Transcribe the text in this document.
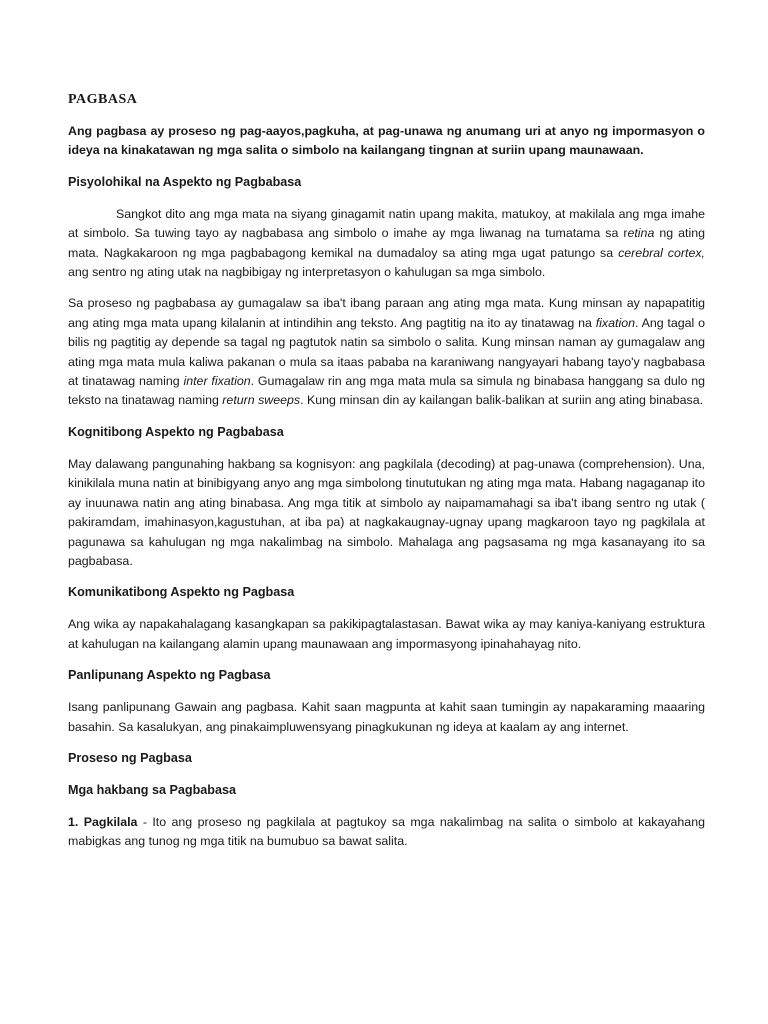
PAGBASA
Ang pagbasa ay proseso ng pag-aayos,pagkuha, at pag-unawa ng anumang uri at anyo ng impormasyon o ideya na kinakatawan ng mga salita o simbolo na kailangang tingnan at suriin upang maunawaan.
Pisyolohikal na Aspekto ng Pagbabasa
Sangkot dito ang mga mata na siyang ginagamit natin upang makita, matukoy, at makilala ang mga imahe at simbolo. Sa tuwing tayo ay nagbabasa ang simbolo o imahe ay mga liwanag na tumatama sa retina ng ating mata. Nagkakaroon ng mga pagbabagong kemikal na dumadaloy sa ating mga ugat patungo sa cerebral cortex, ang sentro ng ating utak na nagbibigay ng interpretasyon o kahulugan sa mga simbolo.
Sa proseso ng pagbabasa ay gumagalaw sa iba't ibang paraan ang ating mga mata. Kung minsan ay napapatitig ang ating mga mata upang kilalanin at intindihin ang teksto. Ang pagtitig na ito ay tinatawag na fixation. Ang tagal o bilis ng pagtitig ay depende sa tagal ng pagtutok natin sa simbolo o salita. Kung minsan naman ay gumagalaw ang ating mga mata mula kaliwa pakanan o mula sa itaas pababa na karaniwang nangyayari habang tayo'y nagbabasa at tinatawag naming inter fixation. Gumagalaw rin ang mga mata mula sa simula ng binabasa hanggang sa dulo ng teksto na tinatawag naming return sweeps. Kung minsan din ay kailangan balik-balikan at suriin ang ating binabasa.
Kognitibong Aspekto ng Pagbabasa
May dalawang pangunahing hakbang sa kognisyon: ang pagkilala (decoding) at pag-unawa (comprehension). Una, kinikilala muna natin at binibigyang anyo ang mga simbolong tinututukan ng ating mga mata. Habang nagaganap ito ay inuunawa natin ang ating binabasa. Ang mga titik at simbolo ay naipamamahagi sa iba't ibang sentro ng utak ( pakiramdam, imahinasyon,kagustuhan, at iba pa) at nagkakaugnay-ugnay upang magkaroon tayo ng pagkilala at pagunawa sa kahulugan ng mga nakalimbag na simbolo. Mahalaga ang pagsasama ng mga kasanayang ito sa pagbabasa.
Komunikatibong Aspekto ng Pagbasa
Ang wika ay napakahalagang kasangkapan sa pakikipagtalastasan. Bawat wika ay may kaniya-kaniyang estruktura at kahulugan na kailangang alamin upang maunawaan ang impormasyong ipinahahayag nito.
Panlipunang Aspekto ng Pagbasa
Isang panlipunang Gawain ang pagbasa. Kahit saan magpunta at kahit saan tumingin ay napakaraming maaaring basahin. Sa kasalukyan, ang pinakaimpluwensyang pinagkukunan ng ideya at kaalam ay ang internet.
Proseso ng Pagbasa
Mga hakbang sa Pagbabasa
1. Pagkilala - Ito ang proseso ng pagkilala at pagtukoy sa mga nakalimbag na salita o simbolo at kakayahang mabigkas ang tunog ng mga titik na bumubuo sa bawat salita.
